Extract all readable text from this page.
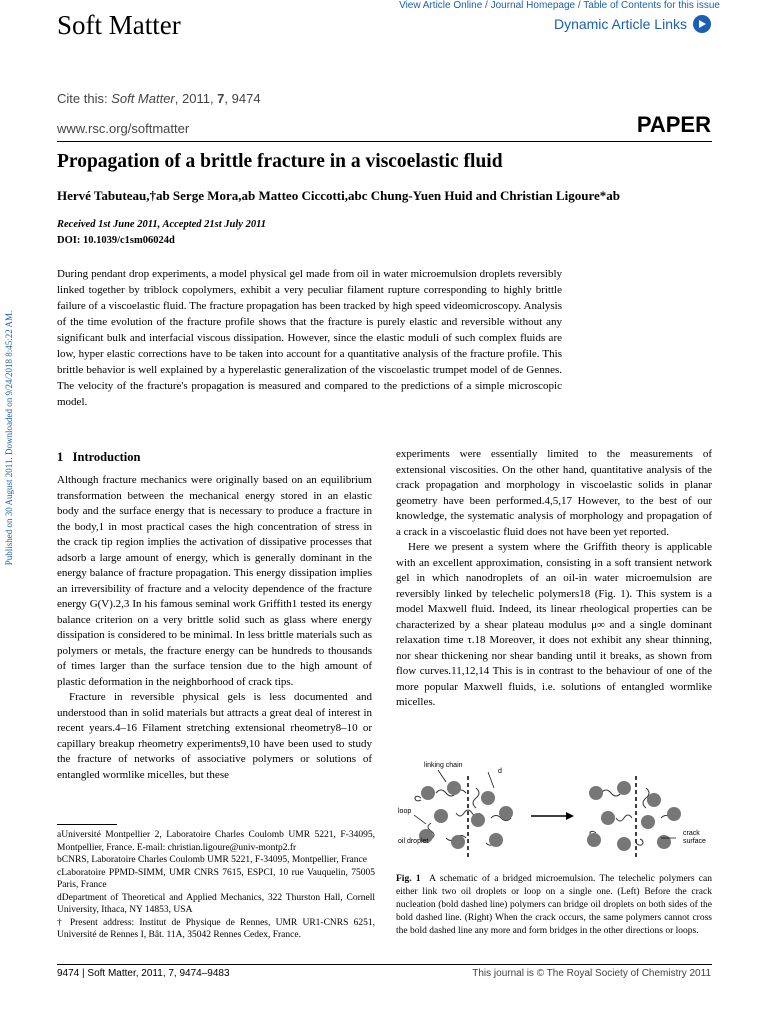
Soft Matter
View Article Online / Journal Homepage / Table of Contents for this issue
Dynamic Article Links
Cite this: Soft Matter, 2011, 7, 9474
www.rsc.org/softmatter	PAPER
Propagation of a brittle fracture in a viscoelastic fluid
Hervé Tabuteau,†ab Serge Mora,ab Matteo Ciccotti,abc Chung-Yuen Huid and Christian Ligoure*ab
Received 1st June 2011, Accepted 21st July 2011
DOI: 10.1039/c1sm06024d
During pendant drop experiments, a model physical gel made from oil in water microemulsion droplets reversibly linked together by triblock copolymers, exhibit a very peculiar filament rupture corresponding to highly brittle failure of a viscoelastic fluid. The fracture propagation has been tracked by high speed videomicroscopy. Analysis of the time evolution of the fracture profile shows that the fracture is purely elastic and reversible without any significant bulk and interfacial viscous dissipation. However, since the elastic moduli of such complex fluids are low, hyper elastic corrections have to be taken into account for a quantitative analysis of the fracture profile. This brittle behavior is well explained by a hyperelastic generalization of the viscoelastic trumpet model of de Gennes. The velocity of the fracture's propagation is measured and compared to the predictions of a simple microscopic model.
Published on 30 August 2011. Downloaded on 9/24/2018 8:45:22 AM.	1 Introduction

Although fracture mechanics were originally based on an equilibrium transformation between the mechanical energy stored in an elastic body and the surface energy that is necessary to produce a fracture in the body,1 in most practical cases the high concentration of stress in the crack tip region implies the activation of dissipative processes that adsorb a large amount of energy, which is generally dominant in the energy balance of fracture propagation. This energy dissipation implies an irreversibility of fracture and a velocity dependence of the fracture energy G(V).2,3 In his famous seminal work Griffith1 tested its energy balance criterion on a very brittle solid such as glass where energy dissipation is considered to be minimal. In less brittle materials such as polymers or metals, the fracture energy can be hundreds to thousands of times larger than the surface tension due to the high amount of plastic deformation in the neighborhood of crack tips.

Fracture in reversible physical gels is less documented and understood than in solid materials but attracts a great deal of interest in recent years.4–16 Filament stretching extensional rheometry8–10 or capillary breakup rheometry experiments9,10 have been used to study the fracture of networks of associative polymers or solutions of entangled wormlike micelles, but these

experiments were essentially limited to the measurements of extensional viscosities. On the other hand, quantitative analysis of the crack propagation and morphology in viscoelastic solids in planar geometry have been performed.4,5,17 However, to the best of our knowledge, the systematic analysis of morphology and propagation of a crack in a viscoelastic fluid does not have been yet reported.

Here we present a system where the Griffith theory is applicable with an excellent approximation, consisting in a soft transient network gel in which nanodroplets of an oil-in water microemulsion are reversibly linked by telechelic polymers18 (Fig. 1). This system is a model Maxwell fluid. Indeed, its linear rheological properties can be characterized by a shear plateau modulus μ∞ and a single dominant relaxation time τ.18 Moreover, it does not exhibit any shear thinning, nor shear thickening nor shear banding until it breaks, as shown from flow curves.11,12,14 This is in contrast to the behaviour of one of the more popular Maxwell fluids, i.e. solutions of entangled wormlike micelles.

aUniversité Montpellier 2, Laboratoire Charles Coulomb UMR 5221, F-34095, Montpellier, France. E-mail: christian.ligoure@univ-montp2.fr
bCNRS, Laboratoire Charles Coulomb UMR 5221, F-34095, Montpellier, France
cLaboratoire PPMD-SIMM, UMR CNRS 7615, ESPCI, 10 rue Vauquelin, 75005 Paris, France
dDepartment of Theoretical and Applied Mechanics, 322 Thurston Hall, Cornell University, Ithaca, NY 14853, USA
† Present address: Institut de Physique de Rennes, UMR UR1-CNRS 6251, Université de Rennes I, Bât. 11A, 35042 Rennes Cedex, France.
linking chain
d
loop
oil droplet
crack
surface
Fig. 1 A schematic of a bridged microemulsion. The telechelic polymers can either link two oil droplets or loop on a single one. (Left) Before the crack nucleation (bold dashed line) polymers can bridge oil droplets on both sides of the bold dashed line. (Right) When the crack occurs, the same polymers cannot cross the bold dashed line any more and form bridges in the other directions or loops.
9474 | Soft Matter, 2011, 7, 9474–9483	This journal is © The Royal Society of Chemistry 2011
